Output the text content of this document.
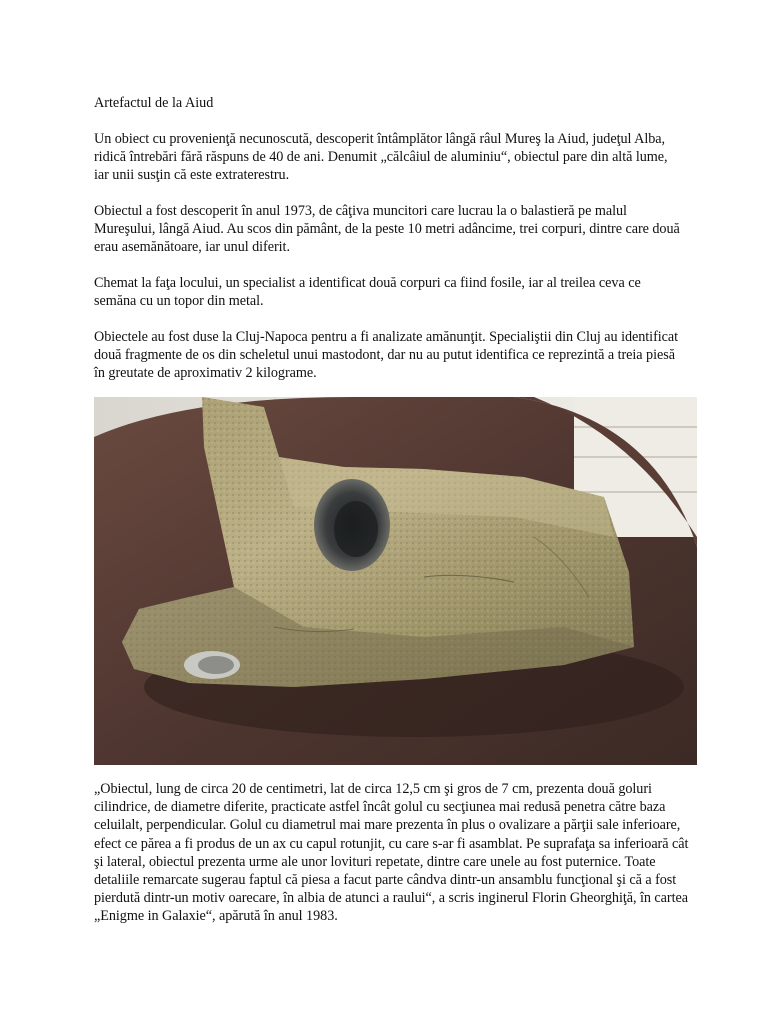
Artefactul de la Aiud

Un obiect cu provenienţă necunoscută, descoperit întâmplător lângă râul Mureş la Aiud, judeţul Alba, ridică întrebări fără răspuns de 40 de ani. Denumit „călcâiul de aluminiu“, obiectul pare din altă lume, iar unii susţin că este extraterestru.

Obiectul a fost descoperit în anul 1973, de câţiva muncitori care lucrau la o balastieră pe malul Mureşului, lângă Aiud. Au scos din pământ, de la peste 10 metri adâncime, trei corpuri, dintre care două erau asemănătoare, iar unul diferit.

Chemat la faţa locului, un specialist a identificat două corpuri ca fiind fosile, iar al treilea ceva ce semăna cu un topor din metal.

Obiectele au fost duse la Cluj-Napoca pentru a fi analizate amănunţit. Specialiştii din Cluj au identificat două fragmente de os din scheletul unui mastodont, dar nu au putut identifica ce reprezintă a treia piesă în greutate de aproximativ 2 kilograme.

„Obiectul, lung de circa 20 de centimetri, lat de circa 12,5 cm şi gros de 7 cm, prezenta două goluri cilindrice, de diametre diferite, practicate astfel încât golul cu secţiunea mai redusă penetra către baza celuilalt, perpendicular. Golul cu diametrul mai mare prezenta în plus o ovalizare a părţii sale inferioare, efect ce părea a fi produs de un ax cu capul rotunjit, cu care s-ar fi asamblat. Pe suprafaţa sa inferioară cât şi lateral, obiectul prezenta urme ale unor lovituri repetate, dintre care unele au fost puternice. Toate detaliile remarcate sugerau faptul că piesa a facut parte cândva dintr-un ansamblu funcţional şi că a fost pierdută dintr-un motiv oarecare, în albia de atunci a raului“, a scris inginerul Florin Gheorghiţă, în cartea „Enigme in Galaxie“, apărută în anul 1983.
